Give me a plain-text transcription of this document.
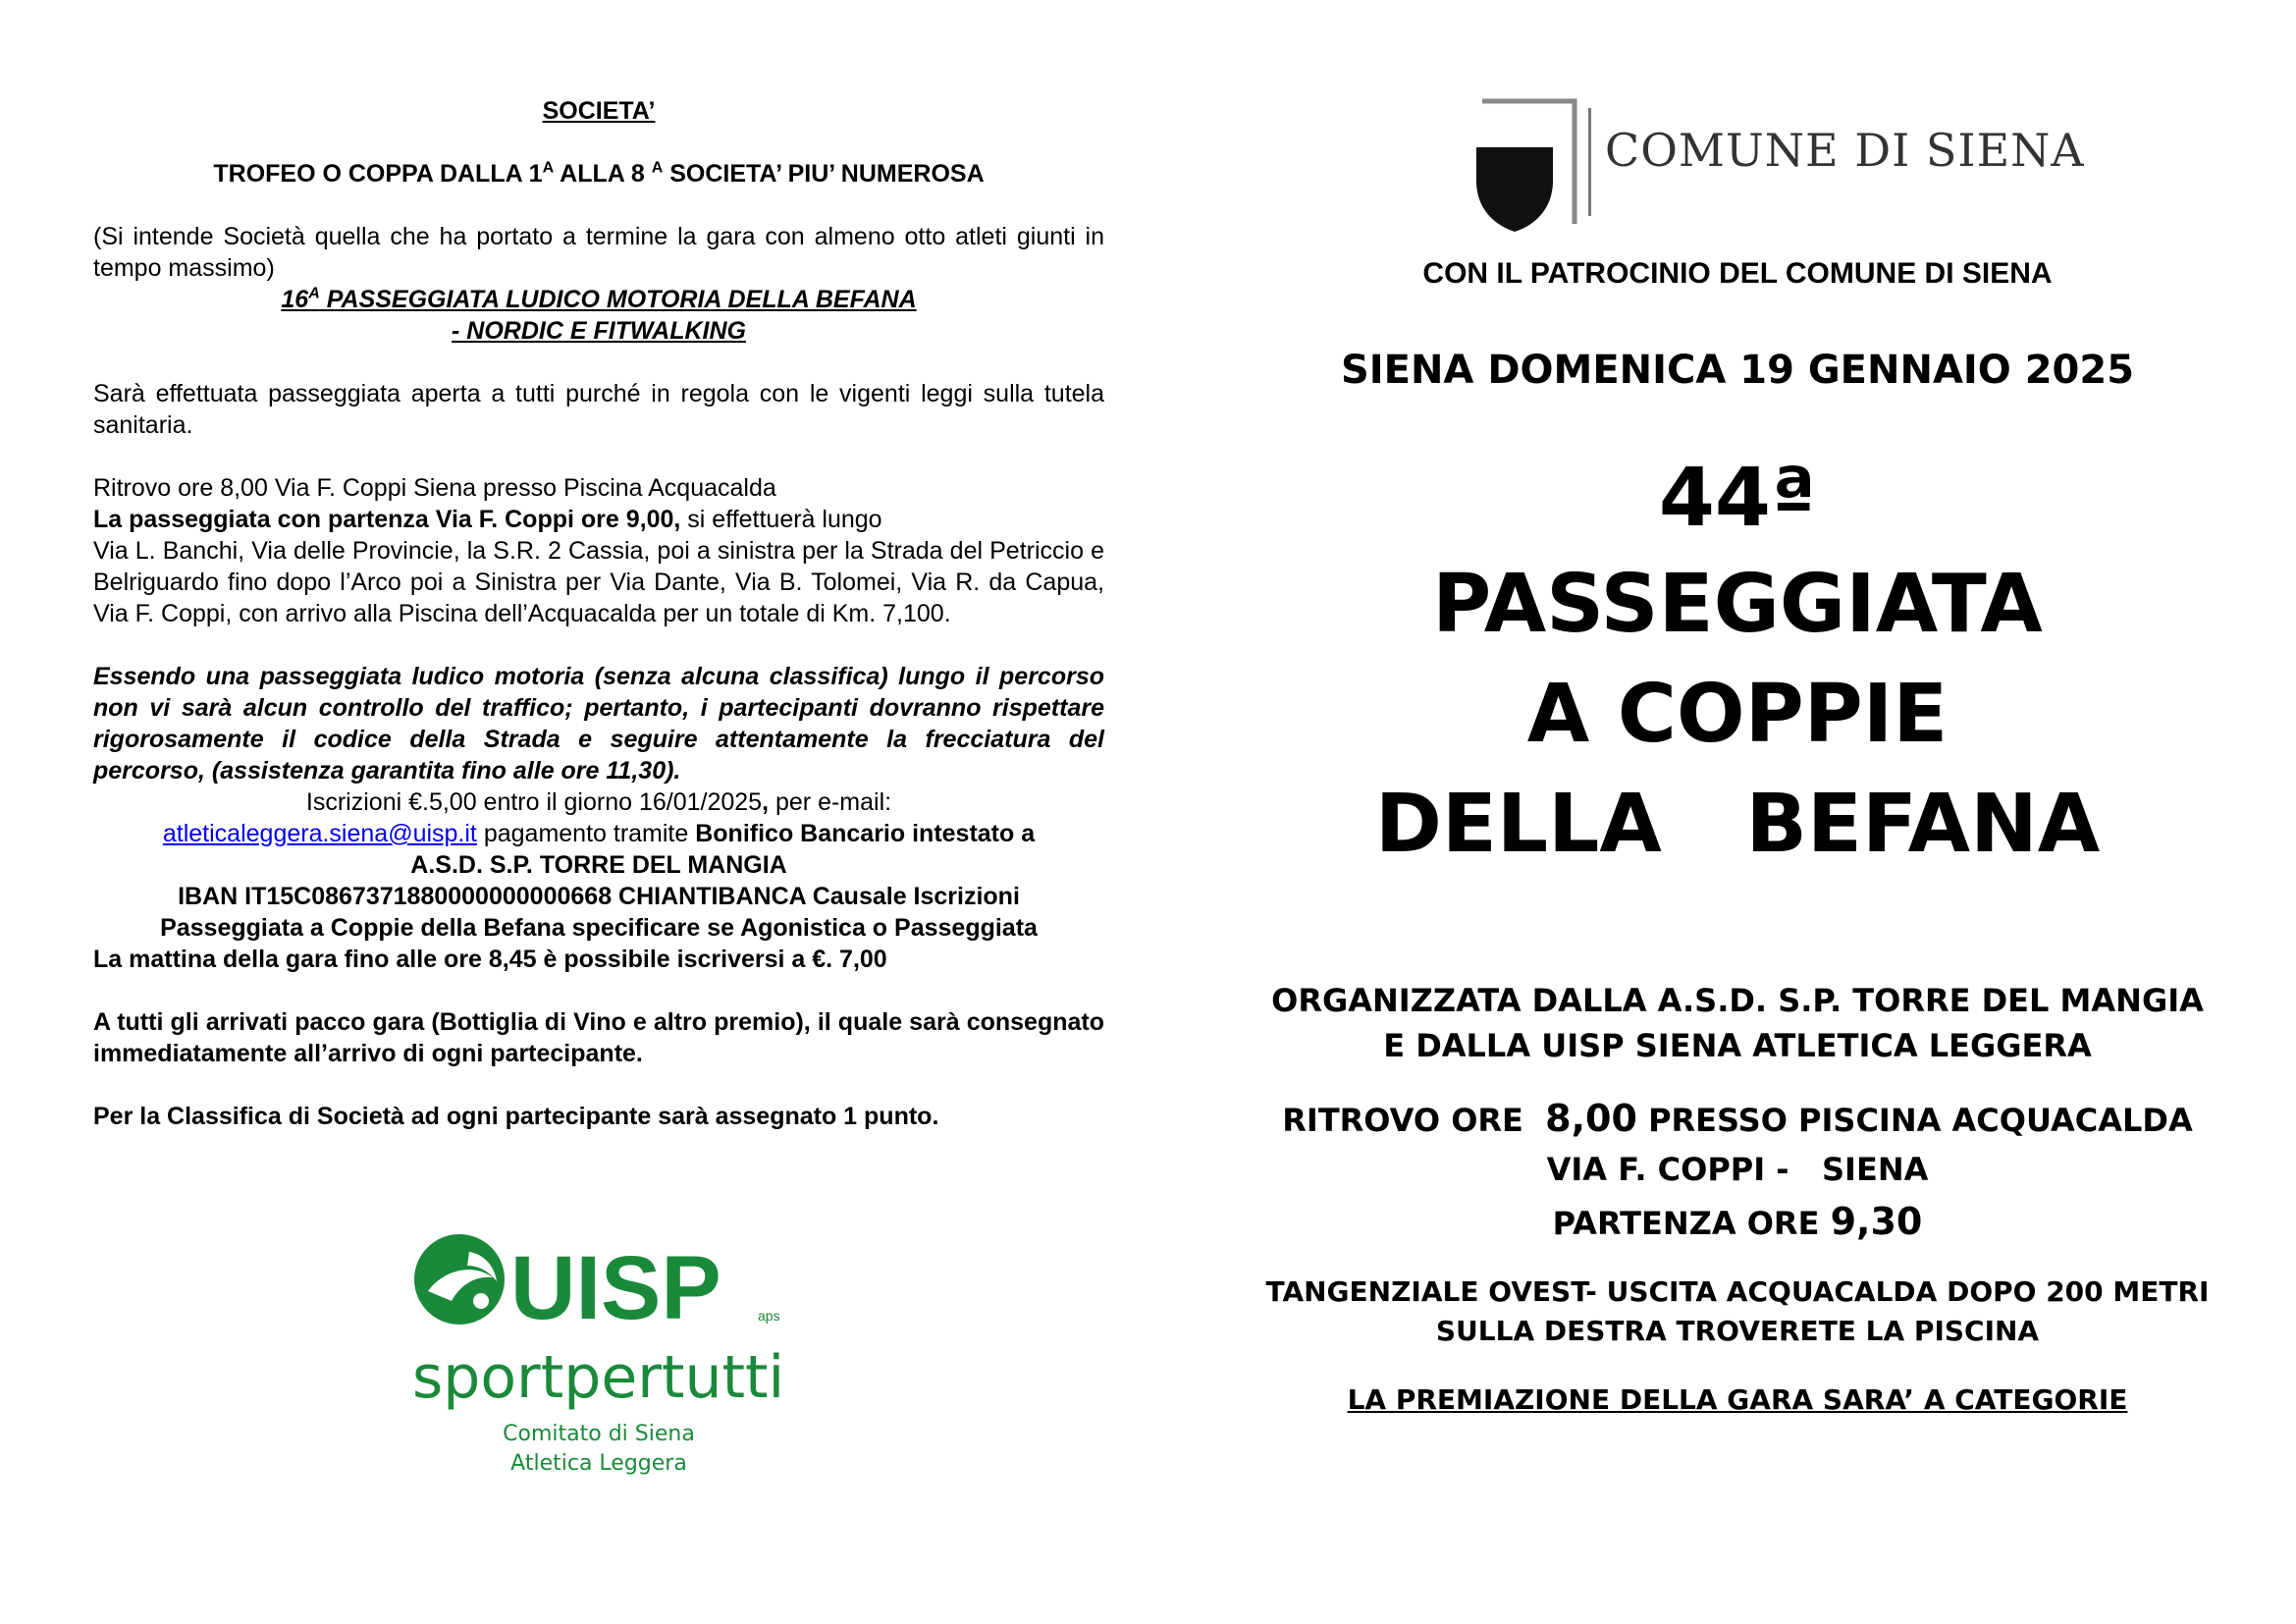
SOCIETA’

TROFEO O COPPA DALLA $1^A$ ALLA 8 $^A$ SOCIETA’ PIU’ NUMEROSA

(Si intende Società quella che ha portato a termine la gara con almeno otto atleti giunti in tempo massimo)

$16^A$ PASSEGGIATA LUDICO MOTORIA DELLA BEFANA

- NORDIC E FITWALKING

Sarà effettuata passeggiata aperta a tutti purché in regola con le vigenti leggi sulla tutela sanitaria.

Ritrovo ore 8,00 Via F. Coppi Siena presso Piscina Acquacalda

La passeggiata con partenza Via F. Coppi ore 9,00, si effettuerà lungo

Via L. Banchi, Via delle Provincie, la S.R. 2 Cassia, poi a sinistra per la Strada del Petriccio e Belriguardo fino dopo l’Arco poi a Sinistra per Via Dante, Via B. Tolomei, Via R. da Capua, Via F. Coppi, con arrivo alla Piscina dell’Acquacalda per un totale di Km. 7,100.

Essendo una passeggiata ludico motoria (senza alcuna classifica) lungo il percorso non vi sarà alcun controllo del traffico; pertanto, i partecipanti dovranno rispettare rigorosamente il codice della Strada e seguire attentamente la frecciatura del percorso, (assistenza garantita fino alle ore 11,30).

Iscrizioni €.5,00 entro il giorno 16/01/2025, per e-mail:

atleticaleggera.siena@uisp.it pagamento tramite Bonifico Bancario intestato a

A.S.D. S.P. TORRE DEL MANGIA

IBAN IT15C0867371880000000000668 CHIANTIBANCA Causale Iscrizioni

Passeggiata a Coppie della Befana specificare se Agonistica o Passeggiata

La mattina della gara fino alle ore 8,45 è possibile iscriversi a €. 7,00

A tutti gli arrivati pacco gara (Bottiglia di Vino e altro premio), il quale sarà consegnato immediatamente all’arrivo di ogni partecipante.

Per la Classifica di Società ad ogni partecipante sarà assegnato 1 punto.

UISP UISP	aps
sportpertutti
Comitato di Siena
Atletica Leggera
COMUNE DI SIENA

CON IL PATROCINIO DEL COMUNE DI SIENA

SIENA DOMENICA 19 GENNAIO 2025

44ª

PASSEGGIATA

A COPPIE

DELLA   BEFANA

ORGANIZZATA DALLA A.S.D. S.P. TORRE DEL MANGIA

E DALLA UISP SIENA ATLETICA LEGGERA

RITROVO ORE  8,00 PRESSO PISCINA ACQUACALDA

VIA F. COPPI -   SIENA

PARTENZA ORE 9,30

TANGENZIALE OVEST- USCITA ACQUACALDA DOPO 200 METRI

SULLA DESTRA TROVERETE LA PISCINA

LA PREMIAZIONE DELLA GARA SARA’ A CATEGORIE
